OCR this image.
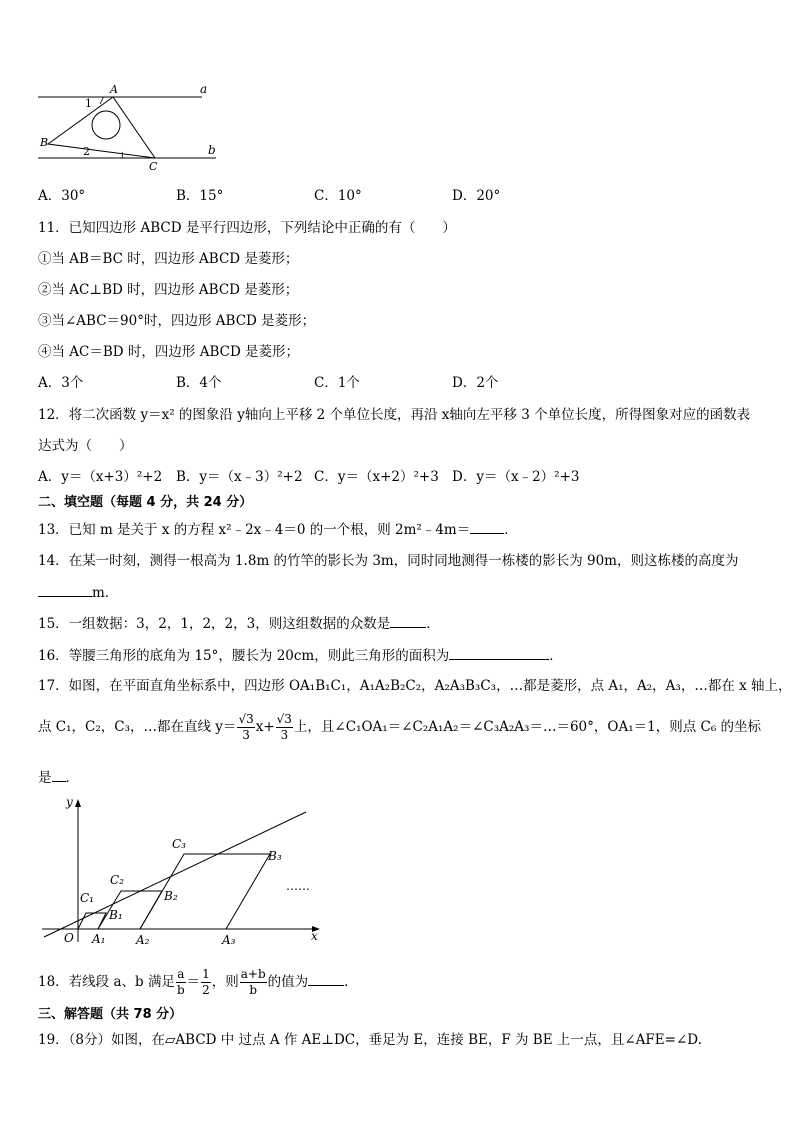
A	a
1
B
2	b
C
A．30°	B．15°	C．10°	D．20°
11．已知四边形 ABCD 是平行四边形，下列结论中正确的有（　　）
①当 AB＝BC 时，四边形 ABCD 是菱形；
②当 AC⊥BD 时，四边形 ABCD 是菱形；
③当∠ABC＝90°时，四边形 ABCD 是菱形；
④当 AC＝BD 时，四边形 ABCD 是菱形；
A．3个	B．4个	C．1个	D．2个
12．将二次函数 y＝x² 的图象沿 y轴向上平移 2 个单位长度，再沿 x轴向左平移 3 个单位长度，所得图象对应的函数表
达式为（　　）
A．y＝（x+3）²+2 B．y＝（x﹣3）²+2 C．y＝（x+2）²+3 D．y＝（x﹣2）²+3
二、填空题（每题 4 分，共 24 分）
13．已知 m 是关于 x 的方程 x²﹣2x﹣4＝0 的一个根，则 2m²﹣4m＝	．
14．在某一时刻，测得一根高为 1.8m 的竹竿的影长为 3m，同时同地测得一栋楼的影长为 90m，则这栋楼的高度为
m．
15．一组数据：3，2，1，2，2，3，则这组数据的众数是	．
16．等腰三角形的底角为 15°，腰长为 20cm，则此三角形的面积为	．
17．如图，在平面直角坐标系中，四边形 OA₁B₁C₁，A₁A₂B₂C₂，A₂A₃B₃C₃，…都是菱形，点 A₁，A₂，A₃，…都在 x 轴上，
点 C₁，C₂，C₃，…都在直线 $y= \frac{√3}{3} x+ \frac{√3}{3}$ 上，且∠C₁OA₁＝∠C₂A₁A₂＝∠C₃A₂A₃＝…＝60°，OA₁＝1，则点 C₆ 的坐标
是 ．
y
x
O A₁	A₂	A₃
C₁
B₁
C₂
B₂
C₃
B₃
……
18．若线段 a、b 满足 $\frac{a}{b} = \frac{1}{2}$ ，则 $\frac{a+b}{b}$ 的值为	．
三、解答题（共 78 分）
19．（8分）如图，在▱ABCD 中 过点 A 作 AE⊥DC，垂足为 E，连接 BE，F 为 BE 上一点，且∠AFE=∠D.
